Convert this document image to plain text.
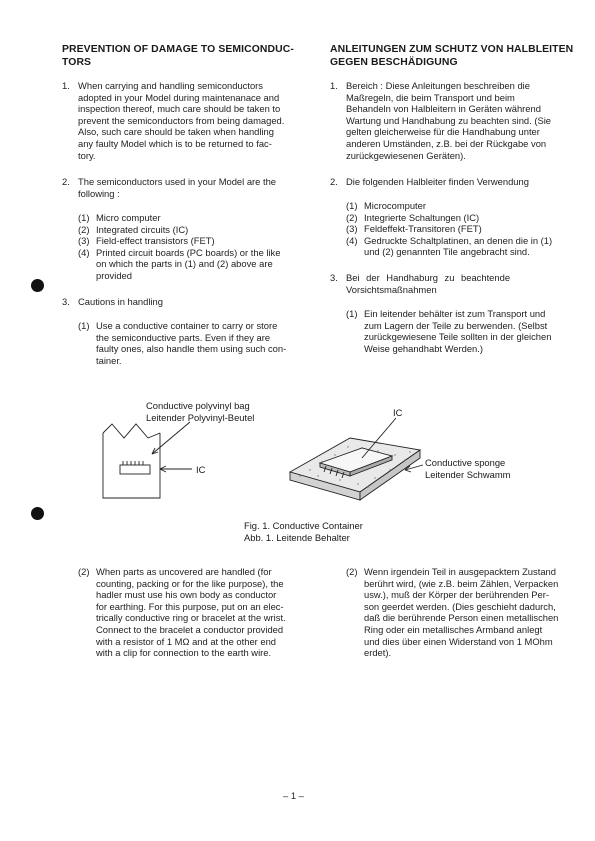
PREVENTION OF DAMAGE TO SEMICONDUC-
TORS
1. When carrying and handling semiconductors
adopted in your Model during maintenanace and
inspection thereof, much care should be taken to
prevent the semiconductors from being damaged.
Also, such care should be taken when handling
any faulty Model which is to be returned to fac-
tory.
2. The semiconductors used in your Model are the
following :
(1) Micro computer
(2) Integrated circuits (IC)
(3) Field-effect transistors (FET)
(4) Printed circuit boards (PC boards) or the like
on which the parts in (1) and (2) above are
provided
3. Cautions in handling
(1) Use a conductive container to carry or store
the semiconductive parts. Even if they are
faulty ones, also handle them using such con-
tainer.
ANLEITUNGEN ZUM SCHUTZ VON HALBLEITEN
GEGEN BESCHÄDIGUNG
1. Bereich : Diese Anleitungen beschreiben die
Maßregeln, die beim Transport und beim
Behandeln von Halbleitern in Geräten während
Wartung und Handhabung zu beachten sind. (Sie
gelten gleicherweise für die Handhabung unter
anderen Umständen, z.B. bei der Rückgabe von
zurückgewiesenen Geräten).
2. Die folgenden Halbleiter finden Verwendung
(1) Microcomputer
(2) Integrierte Schaltungen (IC)
(3) Feldeffekt-Transitoren (FET)
(4) Gedruckte Schaltplatinen, an denen die in (1)
und (2) genannten Tile angebracht sind.
3. Bei der Handhaburg zu beachtende
Vorsichtsmaßnahmen
(1) Ein leitender behälter ist zum Transport und
zum Lagern der Teile zu berwenden. (Selbst
zurückgewiesene Teile sollten in der gleichen
Weise gehandhabt Werden.)
Conductive polyvinyl bag
Leitender Polyvinyl-Beutel
IC
IC
Conductive sponge
Leitender Schwamm
Fig. 1. Conductive Container
Abb. 1. Leitende Behalter
(2) When parts as uncovered are handled (for
counting, packing or for the like purpose), the
hadler must use his own body as conductor
for earthing. For this purpose, put on an elec-
trically conductive ring or bracelet at the wrist.
Connect to the bracelet a conductor provided
with a resistor of 1 MΩ and at the other end
with a clip for connection to the earth wire.
(2) Wenn irgendein Teil in ausgepacktem Zustand
berührt wird, (wie z.B. beim Zählen, Verpacken
usw.), muß der Körper der berührenden Per-
son geerdet werden. (Dies geschieht dadurch,
daß die berührende Person einen metallischen
Ring oder ein metallisches Armband anlegt
und dies über einen Widerstand von 1 MOhm
erdet).
– 1 –
